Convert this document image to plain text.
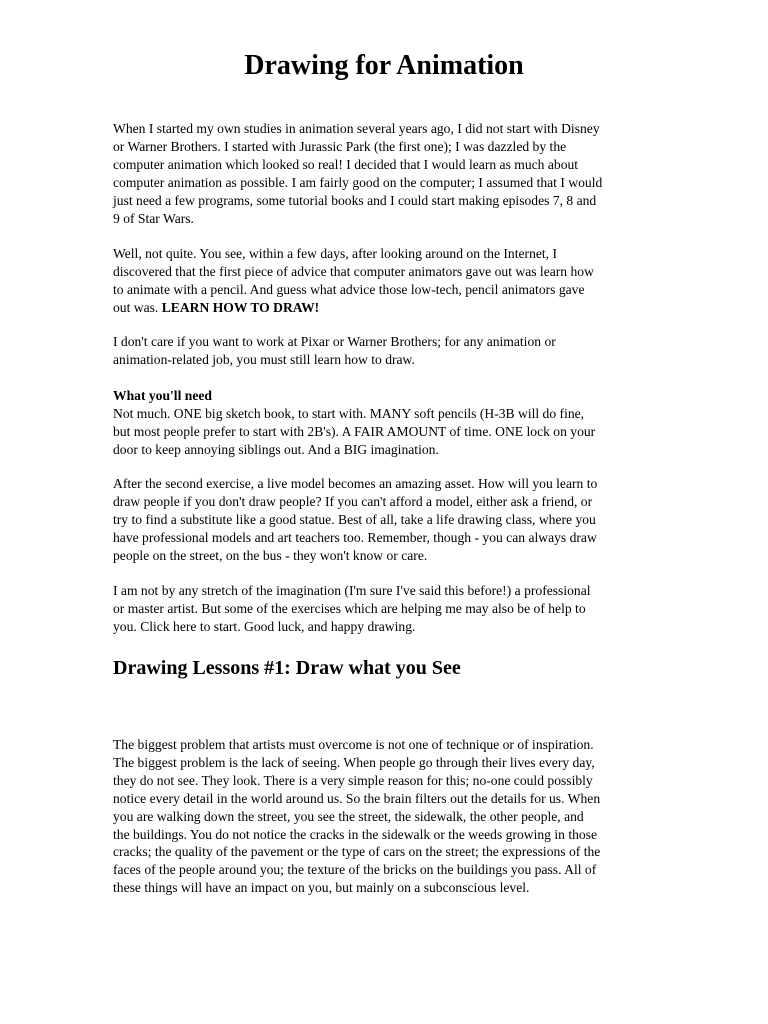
Drawing for Animation

When I started my own studies in animation several years ago, I did not start with Disney
or Warner Brothers. I started with Jurassic Park (the first one); I was dazzled by the
computer animation which looked so real! I decided that I would learn as much about
computer animation as possible. I am fairly good on the computer; I assumed that I would
just need a few programs, some tutorial books and I could start making episodes 7, 8 and
9 of Star Wars.

Well, not quite. You see, within a few days, after looking around on the Internet, I
discovered that the first piece of advice that computer animators gave out was learn how
to animate with a pencil. And guess what advice those low-tech, pencil animators gave
out was. LEARN HOW TO DRAW!

I don't care if you want to work at Pixar or Warner Brothers; for any animation or
animation-related job, you must still learn how to draw.

What you'll need

Not much. ONE big sketch book, to start with. MANY soft pencils (H-3B will do fine,
but most people prefer to start with 2B's). A FAIR AMOUNT of time. ONE lock on your
door to keep annoying siblings out. And a BIG imagination.

After the second exercise, a live model becomes an amazing asset. How will you learn to
draw people if you don't draw people? If you can't afford a model, either ask a friend, or
try to find a substitute like a good statue. Best of all, take a life drawing class, where you
have professional models and art teachers too. Remember, though - you can always draw
people on the street, on the bus - they won't know or care.

I am not by any stretch of the imagination (I'm sure I've said this before!) a professional
or master artist. But some of the exercises which are helping me may also be of help to
you. Click here to start. Good luck, and happy drawing.

Drawing Lessons #1: Draw what you See

The biggest problem that artists must overcome is not one of technique or of inspiration.
The biggest problem is the lack of seeing. When people go through their lives every day,
they do not see. They look. There is a very simple reason for this; no-one could possibly
notice every detail in the world around us. So the brain filters out the details for us. When
you are walking down the street, you see the street, the sidewalk, the other people, and
the buildings. You do not notice the cracks in the sidewalk or the weeds growing in those
cracks; the quality of the pavement or the type of cars on the street; the expressions of the
faces of the people around you; the texture of the bricks on the buildings you pass. All of
these things will have an impact on you, but mainly on a subconscious level.
